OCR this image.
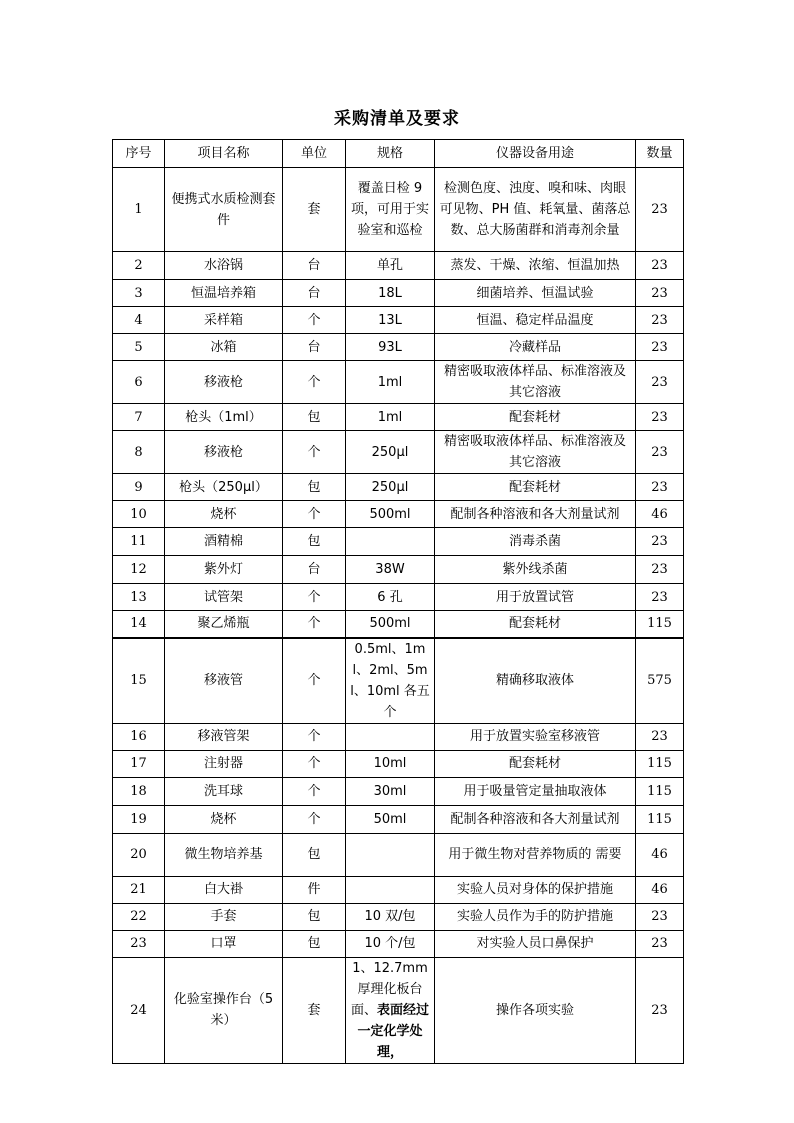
采购清单及要求
序号	项目名称	单位	规格	仪器设备用途	数量
1	便携式水质检测套件	套	覆盖日检 9 项，可用于实验室和巡检	检测色度、浊度、嗅和味、肉眼可见物、PH 值、耗氧量、菌落总数、总大肠菌群和消毒剂余量	23
2	水浴锅	台	单孔	蒸发、干燥、浓缩、恒温加热	23
3	恒温培养箱	台	18L	细菌培养、恒温试验	23
4	采样箱	个	13L	恒温、稳定样品温度	23
5	冰箱	台	93L	冷藏样品	23
6	移液枪	个	1ml	精密吸取液体样品、标准溶液及其它溶液	23
7	枪头（1ml）	包	1ml	配套耗材	23
8	移液枪	个	250μl	精密吸取液体样品、标准溶液及其它溶液	23
9	枪头（250μl）	包	250μl	配套耗材	23
10	烧杯	个	500ml	配制各种溶液和各大剂量试剂	46
11	酒精棉	包		消毒杀菌	23
12	紫外灯	台	38W	紫外线杀菌	23
13	试管架	个	6 孔	用于放置试管	23
14	聚乙烯瓶	个	500ml	配套耗材	115
15	移液管	个	0.5ml、1ml、2ml、5ml、10ml 各五个	精确移取液体	575
16	移液管架	个		用于放置实验室移液管	23
17	注射器	个	10ml	配套耗材	115
18	洗耳球	个	30ml	用于吸量管定量抽取液体	115
19	烧杯	个	50ml	配制各种溶液和各大剂量试剂	115
20	微生物培养基	包		用于微生物对营养物质的 需要	46
21	白大褂	件		实验人员对身体的保护措施	46
22	手套	包	10 双/包	实验人员作为手的防护措施	23
23	口罩	包	10 个/包	对实验人员口鼻保护	23
24	化验室操作台（5米）	套	1、12.7mm 厚理化板台面、表面经过一定化学处理，	操作各项实验	23
